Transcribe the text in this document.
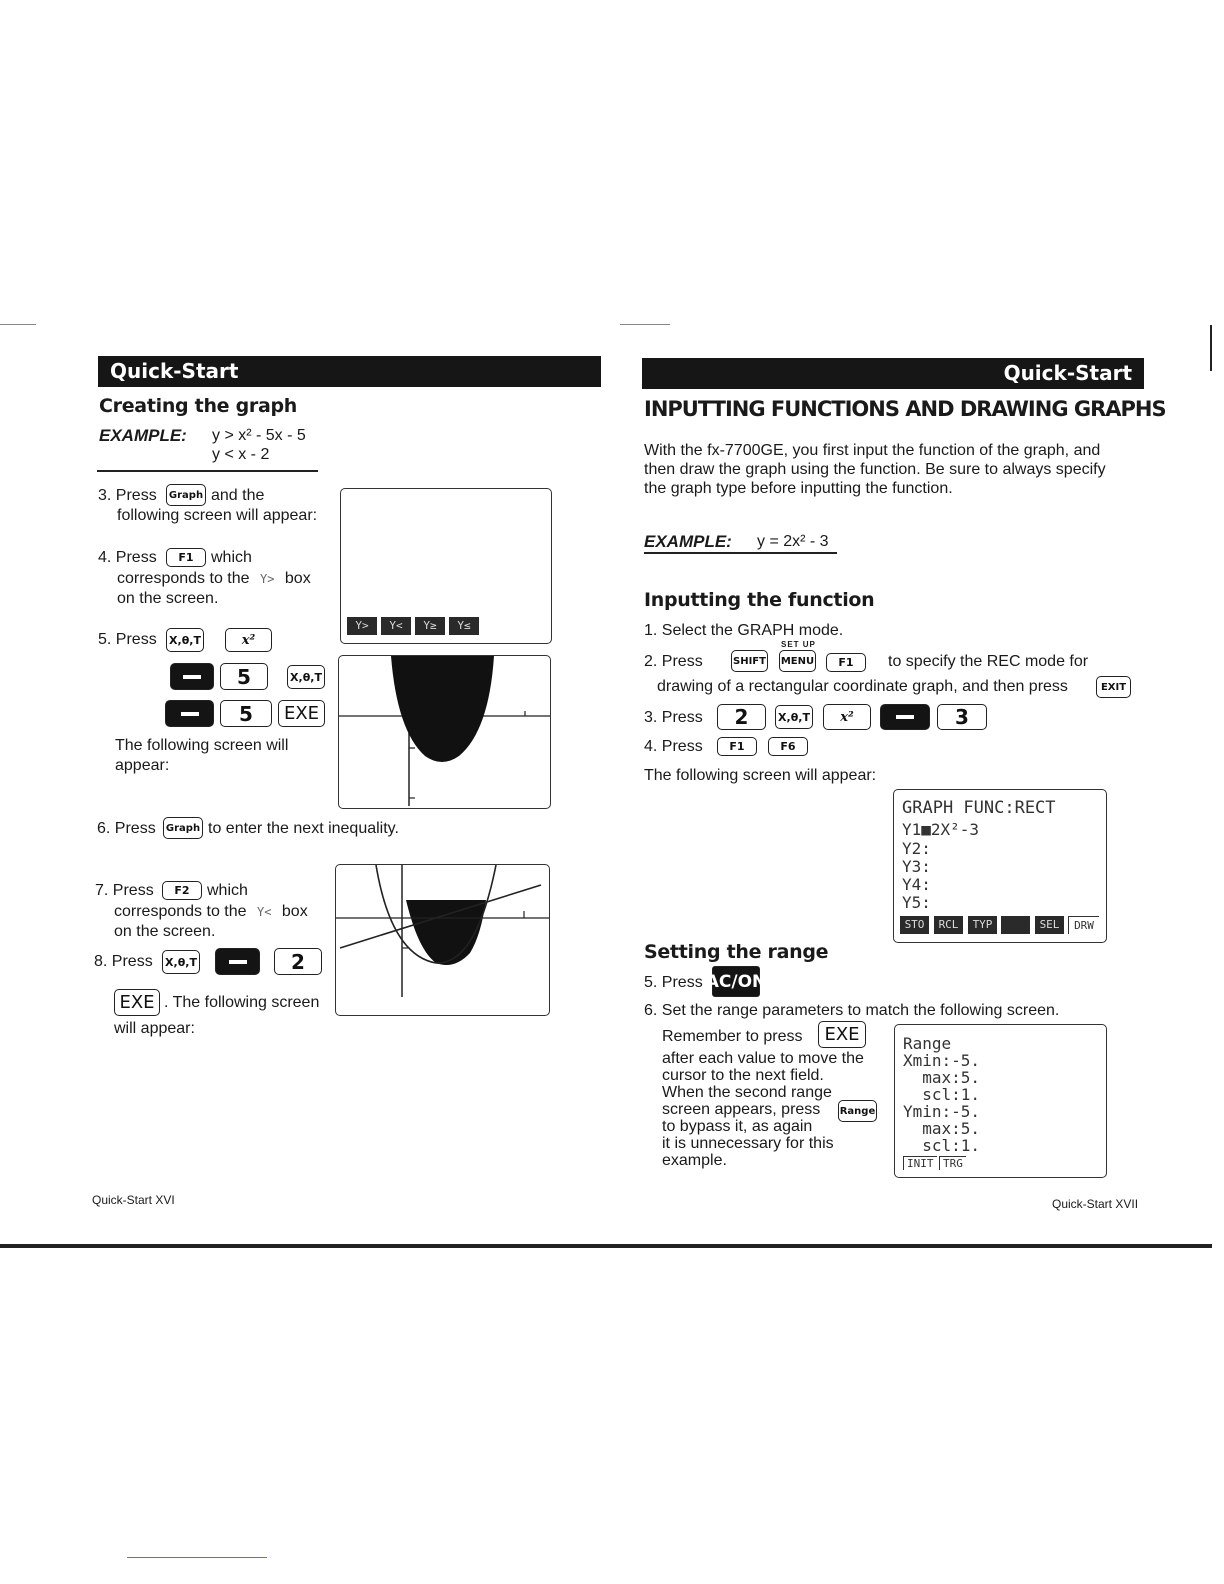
Quick-Start
Creating the graph
EXAMPLE: y > x² - 5x - 5
y < x - 2
3. Press Graph and the
following screen will appear:
Y>	Y<	Y≥	Y≤
4. Press	F1	which
corresponds to the Y> box
on the screen.
5. Press X,θ,T	x²
5	X,θ,T
5	EXE
The following screen will
appear:
6. Press Graph to enter the next inequality.
7. Press	F2	which
corresponds to the Y< box
on the screen.
8. Press X,θ,T	2
EXE . The following screen
will appear:
Quick-Start XVI
Quick-Start
INPUTTING FUNCTIONS AND DRAWING GRAPHS
With the fx-7700GE, you first input the function of the graph, and
then draw the graph using the function. Be sure to always specify
the graph type before inputting the function.
EXAMPLE: y = 2x² - 3
Inputting the function
1. Select the GRAPH mode.
SET UP
2. Press	SHIFT MENU	F1	to specify the REC mode for
drawing of a rectangular coordinate graph, and then press	EXIT
3. Press	2	X,θ,T	x²	3
4. Press	F1	F6
The following screen will appear:
GRAPH FUNC:RECT
Y1■2X²-3
Y2:
Y3:
Y4:
Y5:
STO	RCL	TYP	SEL	DRW
Setting the range
5. Press AC/ON
6. Set the range parameters to match the following screen.
Remember to press	EXE
after each value to move the
cursor to the next field.
When the second range
screen appears, press Range
to bypass it, as again
it is unnecessary for this
example.
Range
Xmin:-5.
max:5.
scl:1.
Ymin:-5.
max:5.
scl:1.
INIT TRG
Quick-Start XVII
